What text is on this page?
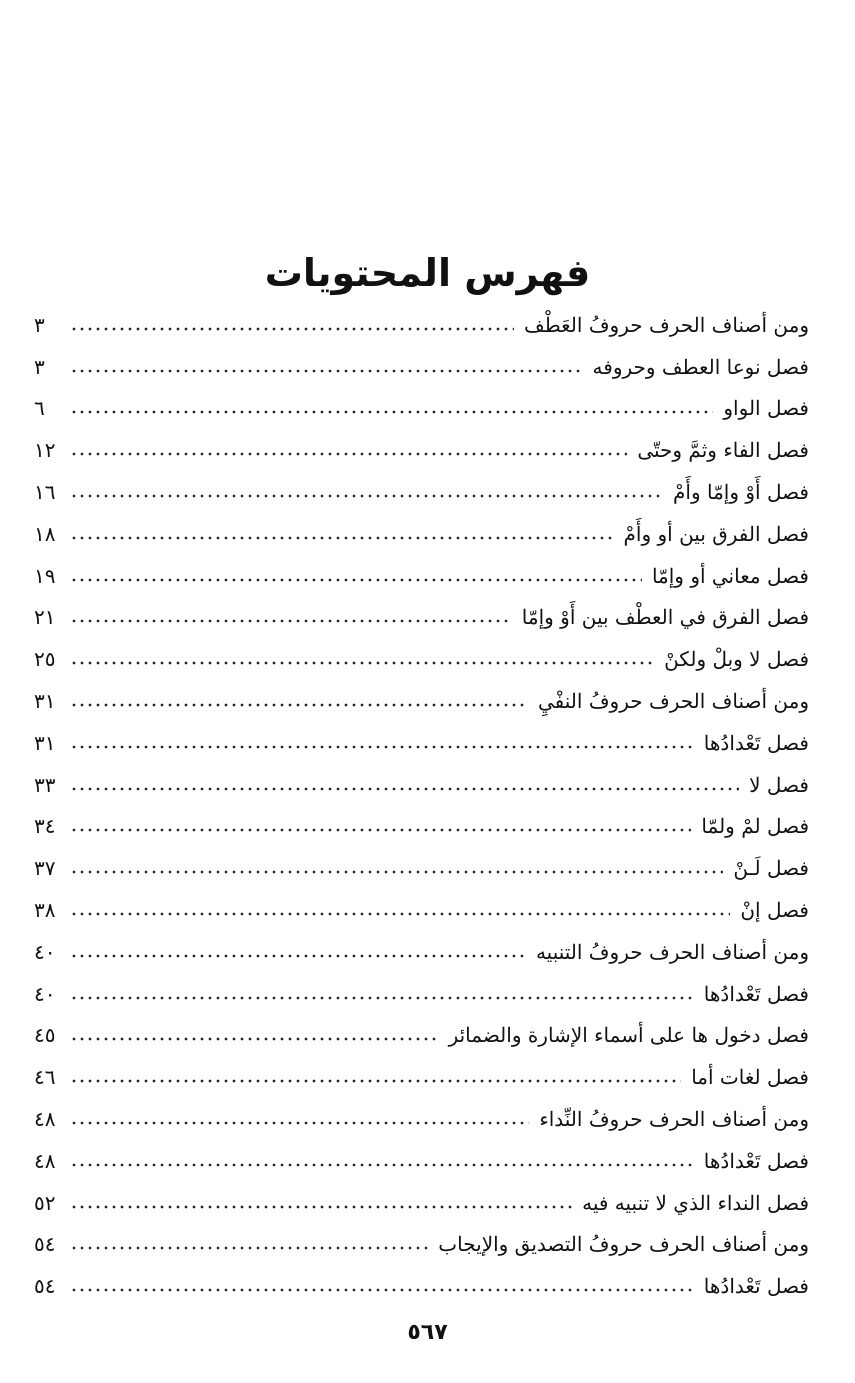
فهرس المحتويات
ومن أصناف الحرف حروفُ العَطْف
٣
فصل نوعا العطف وحروفه
٣
فصل الواو
٦
فصل الفاء وثمَّ وحتّى
١٢
فصل أَوْ وإمّا وأَمْ
١٦
فصل الفرق بين أو وأَمْ
١٨
فصل معاني أو وإمّا
١٩
فصل الفرق في العطْف بين أَوْ وإمّا
٢١
فصل لا وبلْ ولكنْ
٢٥
ومن أصناف الحرف حروفُ النفْيِ
٣١
فصل تَعْدادُها
٣١
فصل لا
٣٣
فصل لمْ ولمّا
٣٤
فصل لَـنْ
٣٧
فصل إنْ
٣٨
ومن أصناف الحرف حروفُ التنبيه
٤٠
فصل تَعْدادُها
٤٠
فصل دخول ها على أسماء الإشارة والضمائر
٤٥
فصل لغات أما
٤٦
ومن أصناف الحرف حروفُ النِّداء
٤٨
فصل تَعْدادُها
٤٨
فصل النداء الذي لا تنبيه فيه
٥٢
ومن أصناف الحرف حروفُ التصديق والإيجاب
٥٤
فصل تَعْدادُها
٥٤
٥٦٧
